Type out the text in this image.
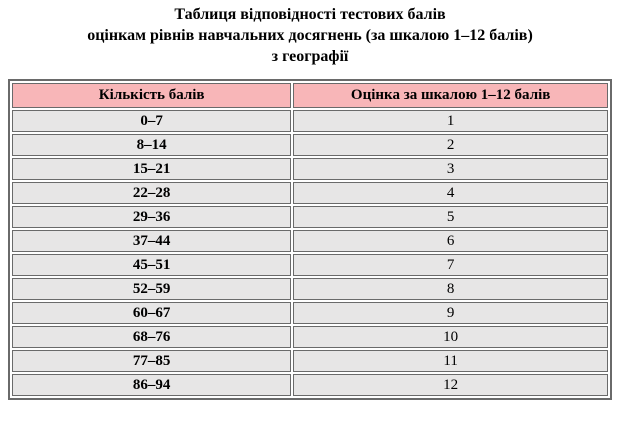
Таблиця відповідності тестових балів
оцінкам рівнів навчальних досягнень (за шкалою 1–12 балів)
з географії
Кількість балів	Оцінка за шкалою 1–12 балів
0–7	1
8–14	2
15–21	3
22–28	4
29–36	5
37–44	6
45–51	7
52–59	8
60–67	9
68–76	10
77–85	11
86–94	12
